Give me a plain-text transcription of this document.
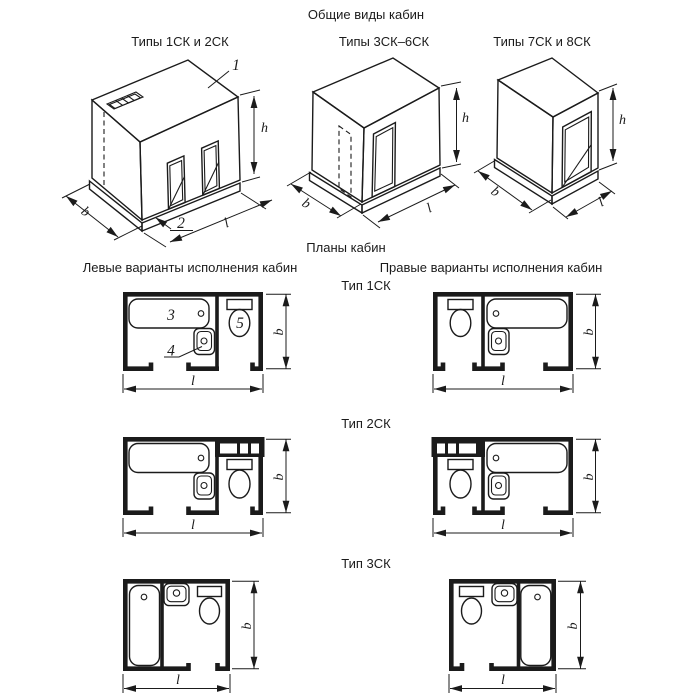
Общие виды кабин
Типы 1СК и 2СК	Типы 3СК–6СК	Типы 7СК и 8СК
Планы кабин
Левые варианты исполнения кабин	Правые варианты исполнения кабин
Тип 1СК
Тип 2СК
Тип 3СК
b
l
h
1
2
b	l
h
b
l
h
3
4
5 b
l
b
l
b
l
b
l
b
l
b
l
